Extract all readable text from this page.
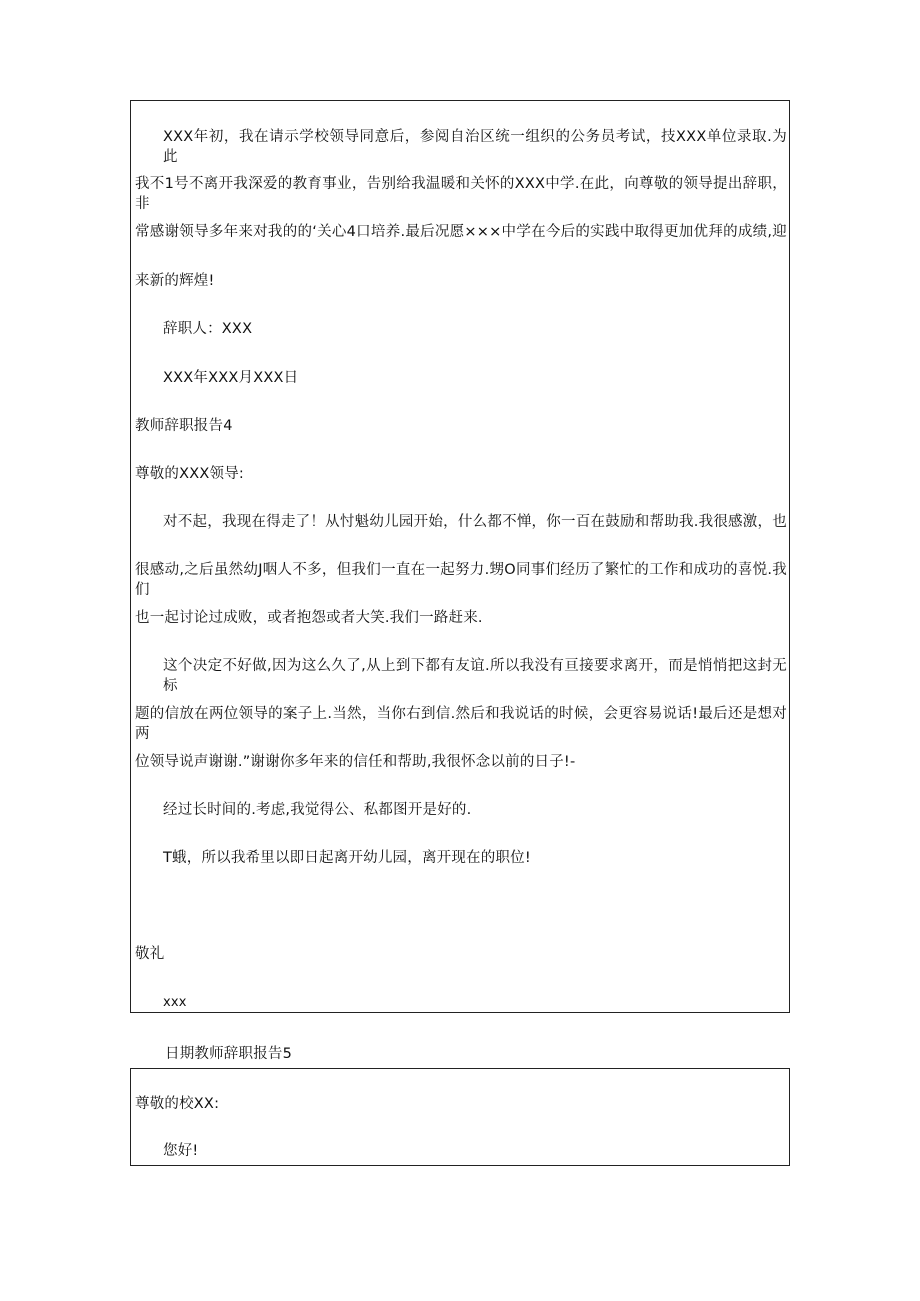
XXX年初，我在请示学校领导同意后，参阅自治区统一组织的公务员考试，技XXX单位录取.为此
我不1号不离开我深爱的教育事业，告别给我温暖和关怀的XXX中学.在此，向尊敬的领导提出辞职，非
常感谢领导多年来对我的的‘关心4口培养.最后况愿×××中学在今后的实践中取得更加优拜的成绩,迎
来新的辉煌!
辞职人：XXX
XXX年XXX月XXX日
教师辞职报告4
尊敬的XXX领导:
对不起，我现在得走了！从忖魁幼儿园开始，什么都不惮，你一百在鼓励和帮助我.我很感激，也
很感动,之后虽然幼J咽人不多，但我们一直在一起努力.甥O同事们经历了繁忙的工作和成功的喜悦.我们
也一起讨论过成败，或者抱怨或者大笑.我们一路赶来.
这个决定不好做,因为这么久了,从上到下都有友谊.所以我没有亘接要求离开，而是悄悄把这封无标
题的信放在两位领导的案子上.当然，当你右到信.然后和我说话的时候，会更容易说话!最后还是想对两
位领导说声谢谢.”谢谢你多年来的信任和帮助,我很怀念以前的日子!-
经过长时间的.考虑,我觉得公、私都图开是好的.
T蛾，所以我希里以即日起离开幼儿园，离开现在的职位!
敬礼
xxx
日期教师辞职报告5
尊敬的校XX:
您好!
